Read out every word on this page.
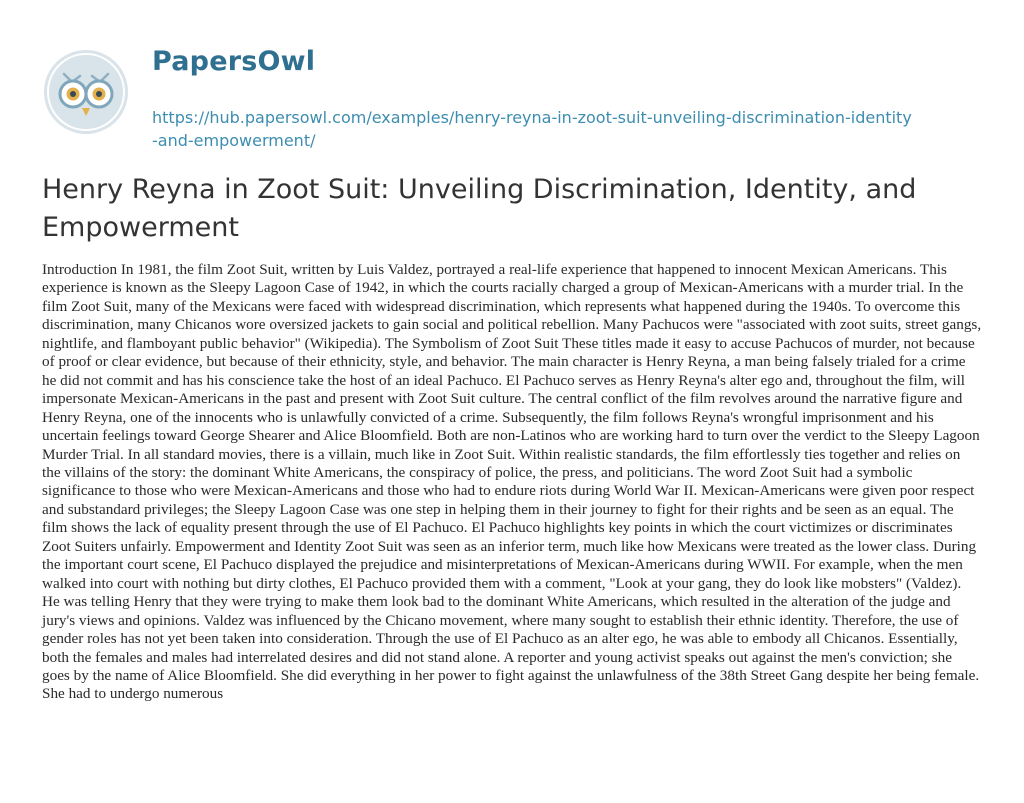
PapersOwl
https://hub.papersowl.com/examples/henry-reyna-in-zoot-suit-unveiling-discrimination-identity-and-empowerment/
Henry Reyna in Zoot Suit: Unveiling Discrimination, Identity, and Empowerment

Introduction In 1981, the film Zoot Suit, written by Luis Valdez, portrayed a real-life experience that happened to innocent Mexican Americans. This experience is known as the Sleepy Lagoon Case of 1942, in which the courts racially charged a group of Mexican-Americans with a murder trial. In the film Zoot Suit, many of the Mexicans were faced with widespread discrimination, which represents what happened during the 1940s. To overcome this discrimination, many Chicanos wore oversized jackets to gain social and political rebellion. Many Pachucos were "associated with zoot suits, street gangs, nightlife, and flamboyant public behavior" (Wikipedia). The Symbolism of Zoot Suit These titles made it easy to accuse Pachucos of murder, not because of proof or clear evidence, but because of their ethnicity, style, and behavior. The main character is Henry Reyna, a man being falsely trialed for a crime he did not commit and has his conscience take the host of an ideal Pachuco. El Pachuco serves as Henry Reyna's alter ego and, throughout the film, will impersonate Mexican-Americans in the past and present with Zoot Suit culture. The central conflict of the film revolves around the narrative figure and Henry Reyna, one of the innocents who is unlawfully convicted of a crime. Subsequently, the film follows Reyna's wrongful imprisonment and his uncertain feelings toward George Shearer and Alice Bloomfield. Both are non-Latinos who are working hard to turn over the verdict to the Sleepy Lagoon Murder Trial. In all standard movies, there is a villain, much like in Zoot Suit. Within realistic standards, the film effortlessly ties together and relies on the villains of the story: the dominant White Americans, the conspiracy of police, the press, and politicians. The word Zoot Suit had a symbolic significance to those who were Mexican-Americans and those who had to endure riots during World War II. Mexican-Americans were given poor respect and substandard privileges; the Sleepy Lagoon Case was one step in helping them in their journey to fight for their rights and be seen as an equal. The film shows the lack of equality present through the use of El Pachuco. El Pachuco highlights key points in which the court victimizes or discriminates Zoot Suiters unfairly. Empowerment and Identity Zoot Suit was seen as an inferior term, much like how Mexicans were treated as the lower class. During the important court scene, El Pachuco displayed the prejudice and misinterpretations of Mexican-Americans during WWII. For example, when the men walked into court with nothing but dirty clothes, El Pachuco provided them with a comment, "Look at your gang, they do look like mobsters" (Valdez). He was telling Henry that they were trying to make them look bad to the dominant White Americans, which resulted in the alteration of the judge and jury's views and opinions. Valdez was influenced by the Chicano movement, where many sought to establish their ethnic identity. Therefore, the use of gender roles has not yet been taken into consideration. Through the use of El Pachuco as an alter ego, he was able to embody all Chicanos. Essentially, both the females and males had interrelated desires and did not stand alone. A reporter and young activist speaks out against the men's conviction; she goes by the name of Alice Bloomfield. She did everything in her power to fight against the unlawfulness of the 38th Street Gang despite her being female. She had to undergo numerous
